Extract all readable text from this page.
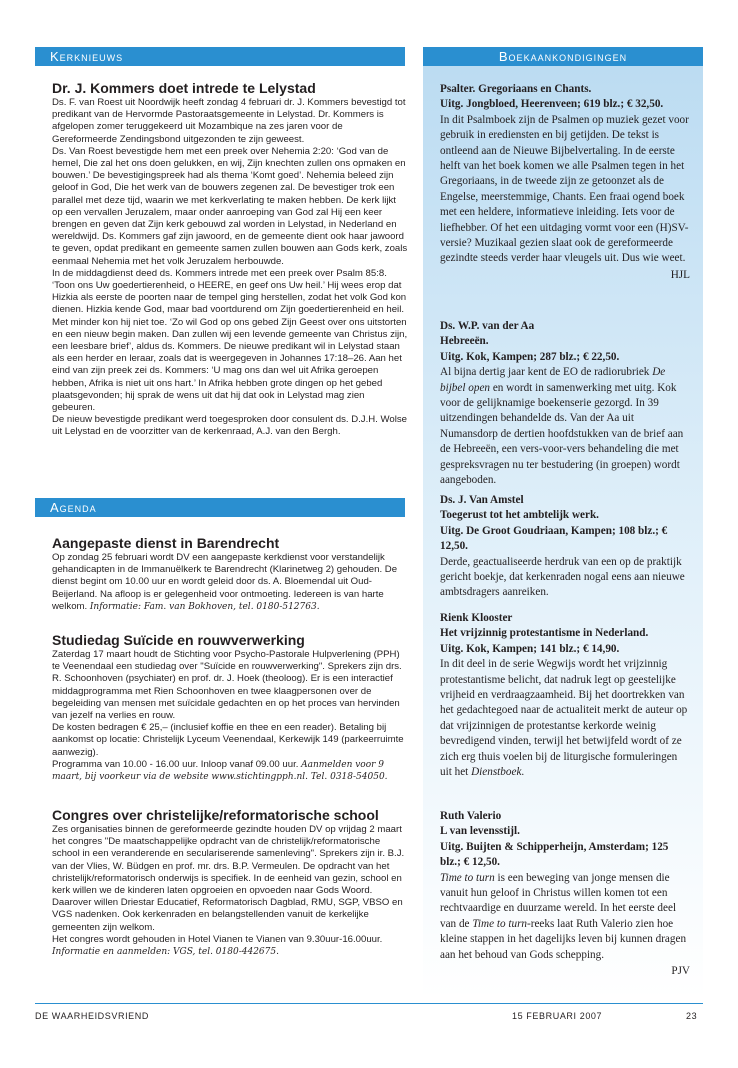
Kerknieuws	Boekaankondigingen
Agenda
Dr. J. Kommers doet intrede te Lelystad

Ds. F. van Roest uit Noordwijk heeft zondag 4 februari dr. J. Kommers bevestigd tot predikant van de Hervormde Pastoraatsgemeente in Lelystad. Dr. Kommers is afgelopen zomer teruggekeerd uit Mozambique na zes jaren voor de Gereformeerde Zendingsbond uitgezonden te zijn geweest.

Ds. Van Roest bevestigde hem met een preek over Nehemia 2:20: ‘God van de hemel, Die zal het ons doen gelukken, en wij, Zijn knechten zullen ons opmaken en bouwen.’ De bevestigingspreek had als thema ‘Komt goed’. Nehemia beleed zijn geloof in God, Die het werk van de bouwers zegenen zal. De bevestiger trok een parallel met deze tijd, waarin we met kerkverlating te maken hebben. De kerk lijkt op een vervallen Jeruzalem, maar onder aanroeping van God zal Hij een keer brengen en geven dat Zijn kerk gebouwd zal worden in Lelystad, in Nederland en wereldwijd. Ds. Kommers gaf zijn jawoord, en de gemeente dient ook haar jawoord te geven, opdat predikant en gemeente samen zullen bouwen aan Gods kerk, zoals eenmaal Nehemia met het volk Jeruzalem herbouwde.

In de middagdienst deed ds. Kommers intrede met een preek over Psalm 85:8. ‘Toon ons Uw goedertierenheid, o HEERE, en geef ons Uw heil.’ Hij wees erop dat Hizkia als eerste de poorten naar de tempel ging herstellen, zodat het volk God kon dienen. Hizkia kende God, maar bad voortdurend om Zijn goedertierenheid en heil. Met minder kon hij niet toe. ‘Zo wil God op ons gebed Zijn Geest over ons uitstorten en een nieuw begin maken. Dan zullen wij een levende gemeente van Christus zijn, een leesbare brief’, aldus ds. Kommers. De nieuwe predikant wil in Lelystad staan als een herder en leraar, zoals dat is weergegeven in Johannes 17:18–26. Aan het eind van zijn preek zei ds. Kommers: ‘U mag ons dan wel uit Afrika geroepen hebben, Afrika is niet uit ons hart.’ In Afrika hebben grote dingen op het gebed plaatsgevonden; hij sprak de wens uit dat hij dat ook in Lelystad mag zien gebeuren.

De nieuw bevestigde predikant werd toegesproken door consulent ds. D.J.H. Wolse uit Lelystad en de voorzitter van de kerkenraad, A.J. van den Bergh.

Aangepaste dienst in Barendrecht

Op zondag 25 februari wordt DV een aangepaste kerkdienst voor verstandelijk gehandicapten in de Immanuëlkerk te Barendrecht (Klarinetweg 2) gehouden. De dienst begint om 10.00 uur en wordt geleid door ds. A. Bloemendal uit Oud-Beijerland. Na afloop is er gelegenheid voor ontmoeting. Iedereen is van harte welkom. Informatie: Fam. van Bokhoven, tel. 0180-512763.

Studiedag Suïcide en rouwverwerking

Zaterdag 17 maart houdt de Stichting voor Psycho-Pastorale Hulpverlening (PPH) te Veenendaal een studiedag over "Suïcide en rouwverwerking". Sprekers zijn drs. R. Schoonhoven (psychiater) en prof. dr. J. Hoek (theoloog). Er is een interactief middagprogramma met Rien Schoonhoven en twee klaagpersonen over de begeleiding van mensen met suïcidale gedachten en op het proces van hervinden van jezelf na verlies en rouw.

De kosten bedragen € 25,– (inclusief koffie en thee en een reader). Betaling bij aankomst op locatie: Christelijk Lyceum Veenendaal, Kerkewijk 149 (parkeerruimte aanwezig).

Programma van 10.00 - 16.00 uur. Inloop vanaf 09.00 uur. Aanmelden voor 9 maart, bij voorkeur via de website www.stichtingpph.nl. Tel. 0318-54050.

Congres over christelijke/reformatorische school

Zes organisaties binnen de gereformeerde gezindte houden DV op vrijdag 2 maart het congres "De maatschappelijke opdracht van de christelijk/reformatorische school in een veranderende en seculariserende samenleving". Sprekers zijn ir. B.J. van der Vlies, W. Büdgen en prof. mr. drs. B.P. Vermeulen. De opdracht van het christelijk/reformatorisch onderwijs is specifiek. In de eenheid van gezin, school en kerk willen we de kinderen laten opgroeien en opvoeden naar Gods Woord. Daarover willen Driestar Educatief, Reformatorisch Dagblad, RMU, SGP, VBSO en VGS nadenken. Ook kerkenraden en belangstellenden vanuit de kerkelijke gemeenten zijn welkom.

Het congres wordt gehouden in Hotel Vianen te Vianen van 9.30uur-16.00uur.

Informatie en aanmelden: VGS, tel. 0180-442675.

Psalter. Gregoriaans en Chants.
Uitg. Jongbloed, Heerenveen; 619 blz.; € 32,50.
In dit Psalmboek zijn de Psalmen op muziek gezet voor gebruik in erediensten en bij getijden. De tekst is ontleend aan de Nieuwe Bijbelvertaling. In de eerste helft van het boek komen we alle Psalmen tegen in het Gregoriaans, in de tweede zijn ze getoonzet als de Engelse, meerstemmige, Chants. Een fraai ogend boek met een heldere, informatieve inleiding. Iets voor de liefhebber. Of het een uitdaging vormt voor een (H)SV-versie? Muzikaal gezien slaat ook de gereformeerde gezindte steeds verder haar vleugels uit. Dus wie weet.
HJL
Ds. W.P. van der Aa
Hebreeën.
Uitg. Kok, Kampen; 287 blz.; € 22,50.
Al bijna dertig jaar kent de EO de radiorubriek De bijbel open en wordt in samenwerking met uitg. Kok voor de gelijknamige boekenserie gezorgd. In 39 uitzendingen behandelde ds. Van der Aa uit Numansdorp de dertien hoofdstukken van de brief aan de Hebreeën, een vers-voor-vers behandeling die met gespreksvragen nu ter bestudering (in groepen) wordt aangeboden.
Ds. J. Van Amstel
Toegerust tot het ambtelijk werk.
Uitg. De Groot Goudriaan, Kampen; 108 blz.; € 12,50.
Derde, geactualiseerde herdruk van een op de praktijk gericht boekje, dat kerkenraden nogal eens aan nieuwe ambtsdragers aanreiken.
Rienk Klooster
Het vrijzinnig protestantisme in Nederland.
Uitg. Kok, Kampen; 141 blz.; € 14,90.
In dit deel in de serie Wegwijs wordt het vrijzinnig protestantisme belicht, dat nadruk legt op geestelijke vrijheid en verdraagzaamheid. Bij het doortrekken van het gedachtegoed naar de actualiteit merkt de auteur op dat vrijzinnigen de protestantse kerkorde weinig bevredigend vinden, terwijl het betwijfeld wordt of ze zich erg thuis voelen bij de liturgische formuleringen uit het Dienstboek.
Ruth Valerio
L van levensstijl.
Uitg. Buijten & Schipperheijn, Amsterdam; 125 blz.; € 12,50.
Time to turn is een beweging van jonge mensen die vanuit hun geloof in Christus willen komen tot een rechtvaardige en duurzame wereld. In het eerste deel van de Time to turn-reeks laat Ruth Valerio zien hoe kleine stappen in het dagelijks leven bij kunnen dragen aan het behoud van Gods schepping.
PJV
DE WAARHEIDSVRIEND	15 FEBRUARI 2007	23
